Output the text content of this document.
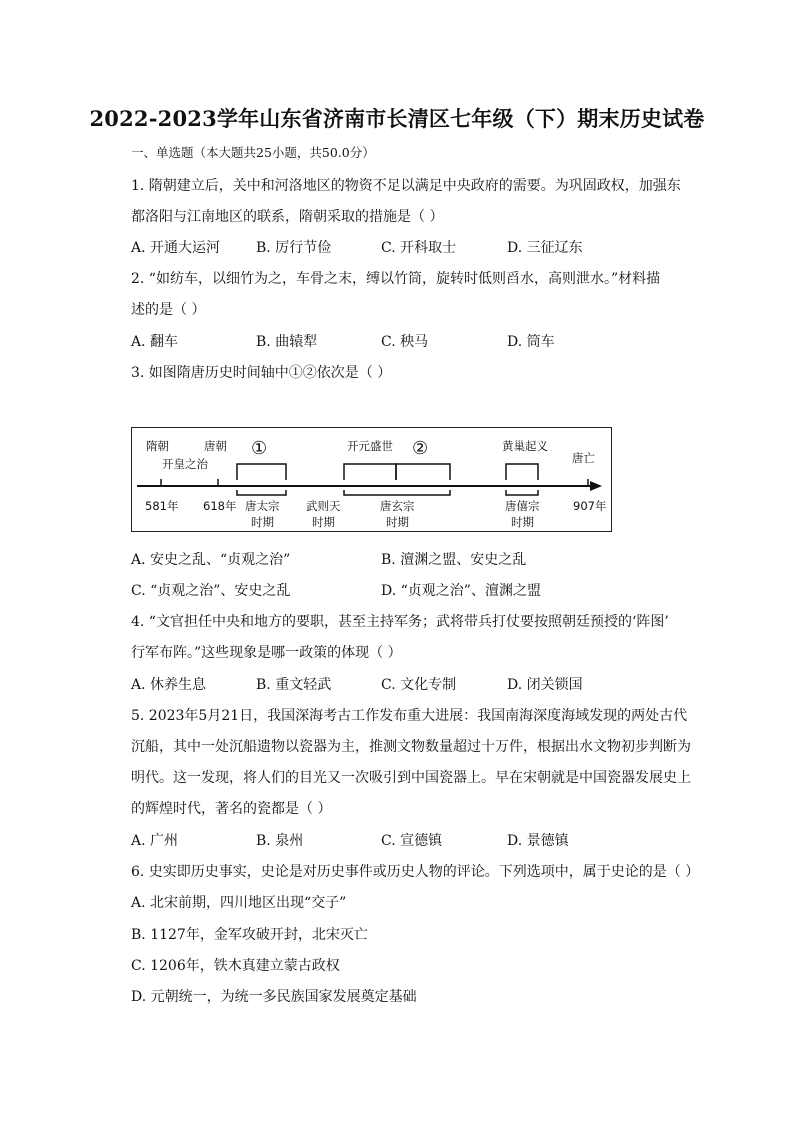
2022-2023学年山东省济南市长清区七年级（下）期末历史试卷
一、单选题（本大题共25小题，共50.0分）
1. 隋朝建立后，关中和河洛地区的物资不足以满足中央政府的需要。为巩固政权，加强东
都洛阳与江南地区的联系，隋朝采取的措施是（ ）
A. 开通大运河	B. 厉行节俭	C. 开科取士	D. 三征辽东
2. “如纺车，以细竹为之，车骨之末，缚以竹筒，旋转时低则舀水，高则泄水。”材料描
述的是（ ）
A. 翻车	B. 曲辕犁	C. 秧马	D. 筒车
3. 如图隋唐历史时间轴中①②依次是（ ）
隋朝	唐朝
开皇之治
①	开元盛世 ②	黄巢起义
唐亡
581年 618年	907年
唐太宗
时期
武则天
时期
唐玄宗
时期
唐僖宗
时期
A. 安史之乱、“贞观之治”	B. 澶渊之盟、安史之乱
C. “贞观之治”、安史之乱	D. “贞观之治”、澶渊之盟
4. “文官担任中央和地方的要职，甚至主持军务；武将带兵打仗要按照朝廷预授的‘阵图’
行军布阵。”这些现象是哪一政策的体现（ ）
A. 休养生息	B. 重文轻武	C. 文化专制	D. 闭关锁国
5. 2023年5月21日，我国深海考古工作发布重大进展：我国南海深度海域发现的两处古代
沉船，其中一处沉船遗物以瓷器为主，推测文物数量超过十万件，根据出水文物初步判断为
明代。这一发现，将人们的目光又一次吸引到中国瓷器上。早在宋朝就是中国瓷器发展史上
的辉煌时代，著名的瓷都是（ ）
A. 广州	B. 泉州	C. 宣德镇	D. 景德镇
6. 史实即历史事实，史论是对历史事件或历史人物的评论。下列选项中，属于史论的是（ ）
A. 北宋前期，四川地区出现“交子”
B. 1127年，金军攻破开封，北宋灭亡
C. 1206年，铁木真建立蒙古政权
D. 元朝统一，为统一多民族国家发展奠定基础
